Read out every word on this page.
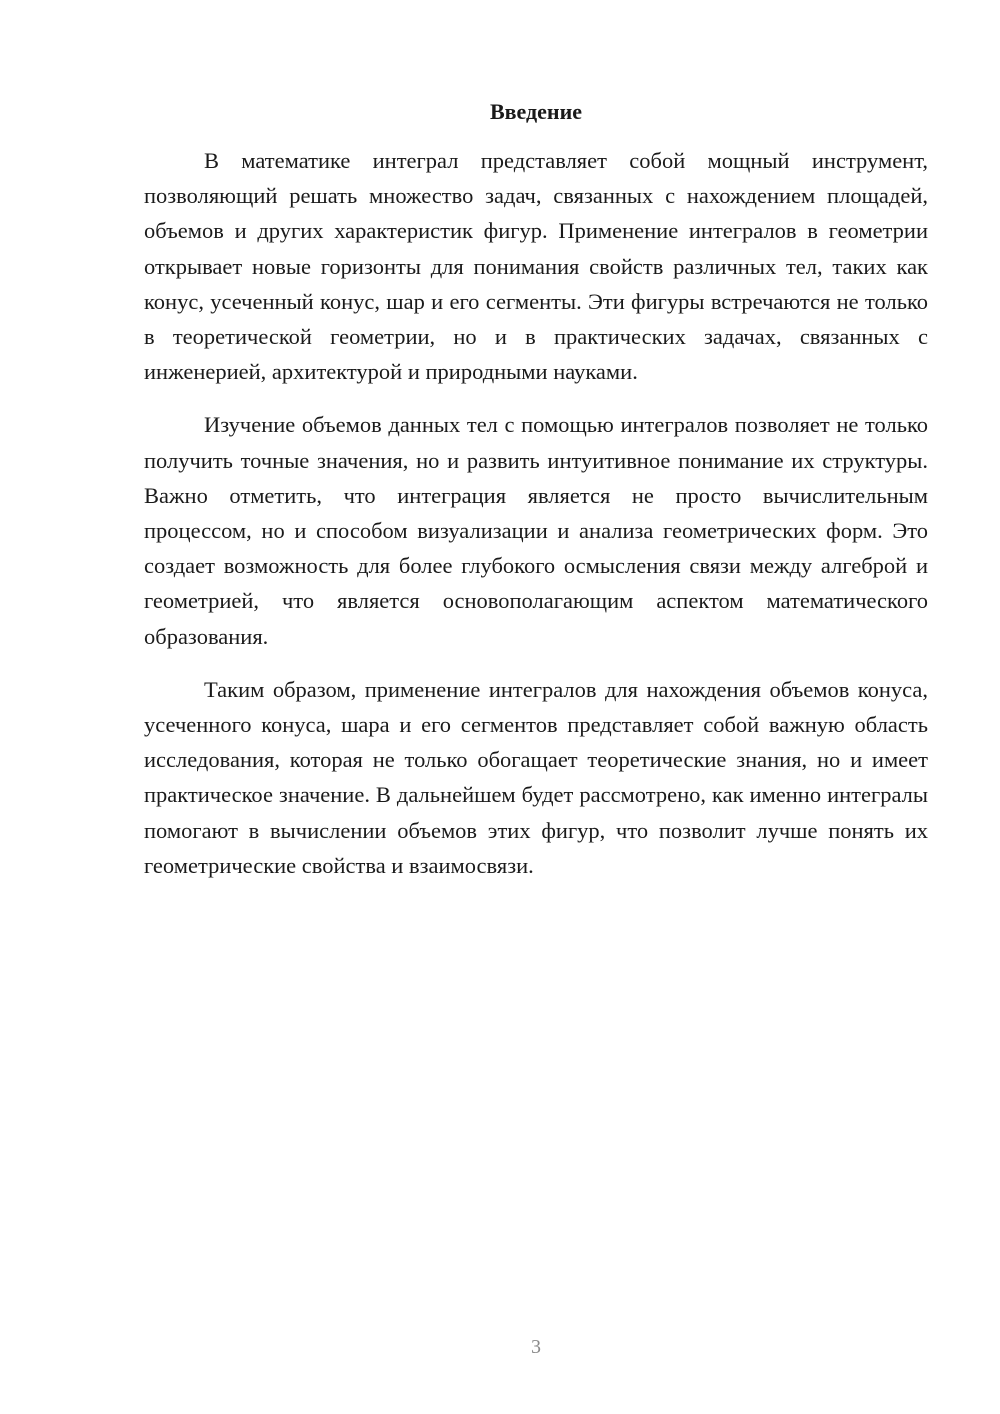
Введение

В математике интеграл представляет собой мощный инструмент, позволяющий решать множество задач, связанных с нахождением площадей, объемов и других характеристик фигур. Применение интегралов в геометрии открывает новые горизонты для понимания свойств различных тел, таких как конус, усеченный конус, шар и его сегменты. Эти фигуры встречаются не только в теоретической геометрии, но и в практических задачах, связанных с инженерией, архитектурой и природными науками.

Изучение объемов данных тел с помощью интегралов позволяет не только получить точные значения, но и развить интуитивное понимание их структуры. Важно отметить, что интеграция является не просто вычислительным процессом, но и способом визуализации и анализа геометрических форм. Это создает возможность для более глубокого осмысления связи между алгеброй и геометрией, что является основополагающим аспектом математического образования.

Таким образом, применение интегралов для нахождения объемов конуса, усеченного конуса, шара и его сегментов представляет собой важную область исследования, которая не только обогащает теоретические знания, но и имеет практическое значение. В дальнейшем будет рассмотрено, как именно интегралы помогают в вычислении объемов этих фигур, что позволит лучше понять их геометрические свойства и взаимосвязи.

3
